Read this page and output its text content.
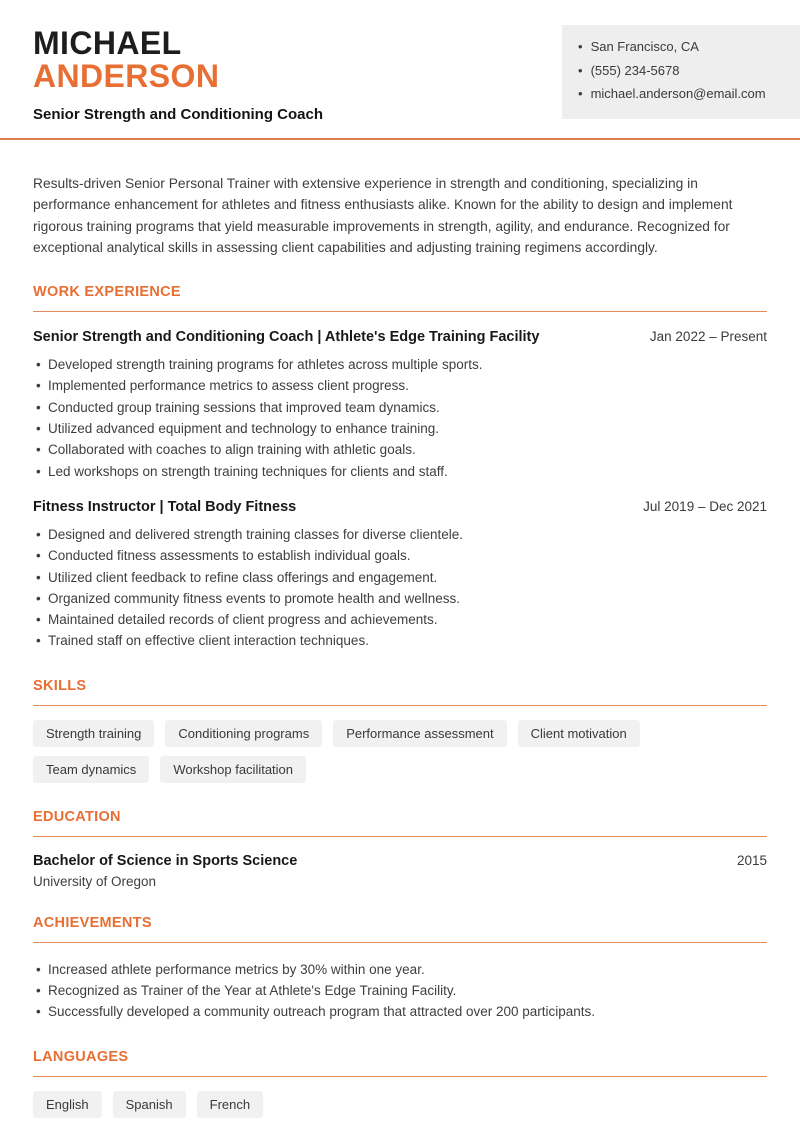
MICHAEL
ANDERSON
Senior Strength and Conditioning Coach
• San Francisco, CA
• (555) 234-5678
• michael.anderson@email.com

Results-driven Senior Personal Trainer with extensive experience in strength and conditioning, specializing in performance enhancement for athletes and fitness enthusiasts alike. Known for the ability to design and implement rigorous training programs that yield measurable improvements in strength, agility, and endurance. Recognized for exceptional analytical skills in assessing client capabilities and adjusting training regimens accordingly.

WORK EXPERIENCE
Senior Strength and Conditioning Coach | Athlete's Edge Training Facility	Jan 2022 – Present
• Developed strength training programs for athletes across multiple sports.
• Implemented performance metrics to assess client progress.
• Conducted group training sessions that improved team dynamics.
• Utilized advanced equipment and technology to enhance training.
• Collaborated with coaches to align training with athletic goals.
• Led workshops on strength training techniques for clients and staff.
Fitness Instructor | Total Body Fitness	Jul 2019 – Dec 2021
• Designed and delivered strength training classes for diverse clientele.
• Conducted fitness assessments to establish individual goals.
• Utilized client feedback to refine class offerings and engagement.
• Organized community fitness events to promote health and wellness.
• Maintained detailed records of client progress and achievements.
• Trained staff on effective client interaction techniques.
SKILLS
Strength training	Conditioning programs	Performance assessment	Client motivation
Team dynamics	Workshop facilitation
EDUCATION
Bachelor of Science in Sports Science	2015
University of Oregon
ACHIEVEMENTS
• Increased athlete performance metrics by 30% within one year.
• Recognized as Trainer of the Year at Athlete's Edge Training Facility.
• Successfully developed a community outreach program that attracted over 200 participants.
LANGUAGES
English	Spanish	French
